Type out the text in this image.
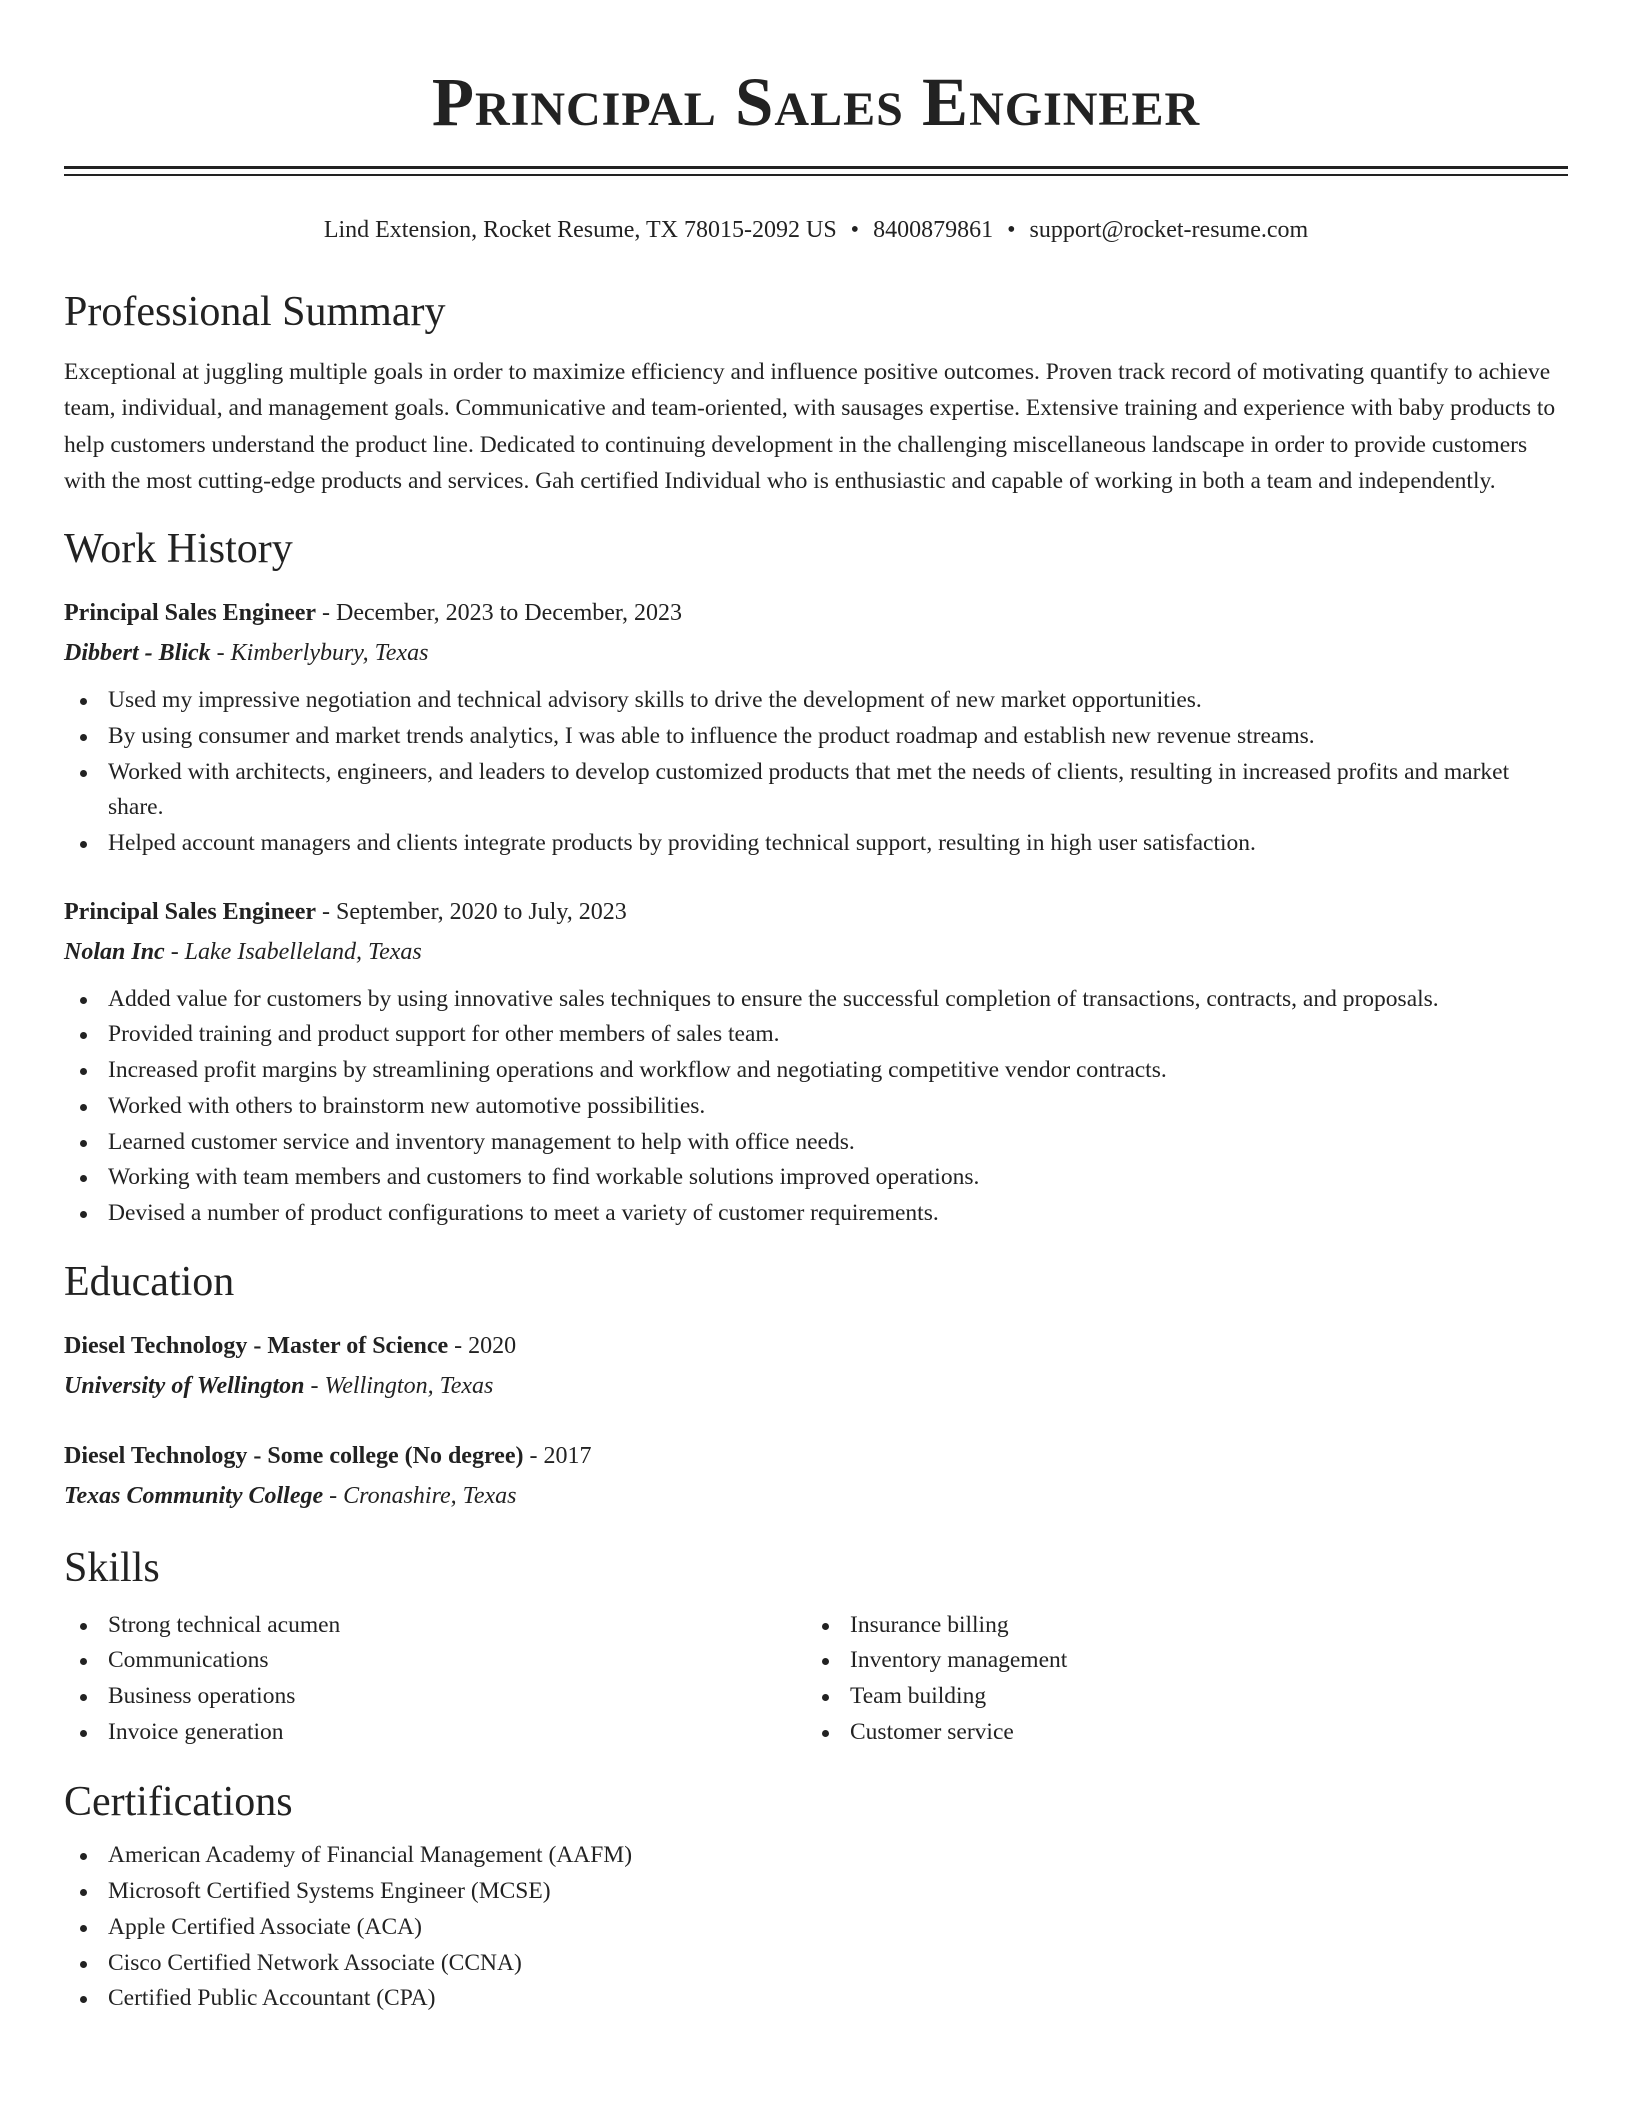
Principal Sales Engineer
Lind Extension, Rocket Resume, TX 78015-2092 US • 8400879861 • support@rocket-resume.com
Professional Summary

Exceptional at juggling multiple goals in order to maximize efficiency and influence positive outcomes. Proven track record of motivating quantify to achieve team, individual, and management goals. Communicative and team-oriented, with sausages expertise. Extensive training and experience with baby products to help customers understand the product line. Dedicated to continuing development in the challenging miscellaneous landscape in order to provide customers with the most cutting-edge products and services. Gah certified Individual who is enthusiastic and capable of working in both a team and independently.

Work History
Principal Sales Engineer - December, 2023 to December, 2023
Dibbert - Blick - Kimberlybury, Texas
Used my impressive negotiation and technical advisory skills to drive the development of new market opportunities.
By using consumer and market trends analytics, I was able to influence the product roadmap and establish new revenue streams.
Worked with architects, engineers, and leaders to develop customized products that met the needs of clients, resulting in increased profits and market share.
Helped account managers and clients integrate products by providing technical support, resulting in high user satisfaction.
Principal Sales Engineer - September, 2020 to July, 2023
Nolan Inc - Lake Isabelleland, Texas
Added value for customers by using innovative sales techniques to ensure the successful completion of transactions, contracts, and proposals.
Provided training and product support for other members of sales team.
Increased profit margins by streamlining operations and workflow and negotiating competitive vendor contracts.
Worked with others to brainstorm new automotive possibilities.
Learned customer service and inventory management to help with office needs.
Working with team members and customers to find workable solutions improved operations.
Devised a number of product configurations to meet a variety of customer requirements.
Education
Diesel Technology - Master of Science - 2020
University of Wellington - Wellington, Texas
Diesel Technology - Some college (No degree) - 2017
Texas Community College - Cronashire, Texas
Skills
Strong technical acumen
Communications
Business operations
Invoice generation
Insurance billing
Inventory management
Team building
Customer service
Certifications
American Academy of Financial Management (AAFM)
Microsoft Certified Systems Engineer (MCSE)
Apple Certified Associate (ACA)
Cisco Certified Network Associate (CCNA)
Certified Public Accountant (CPA)
